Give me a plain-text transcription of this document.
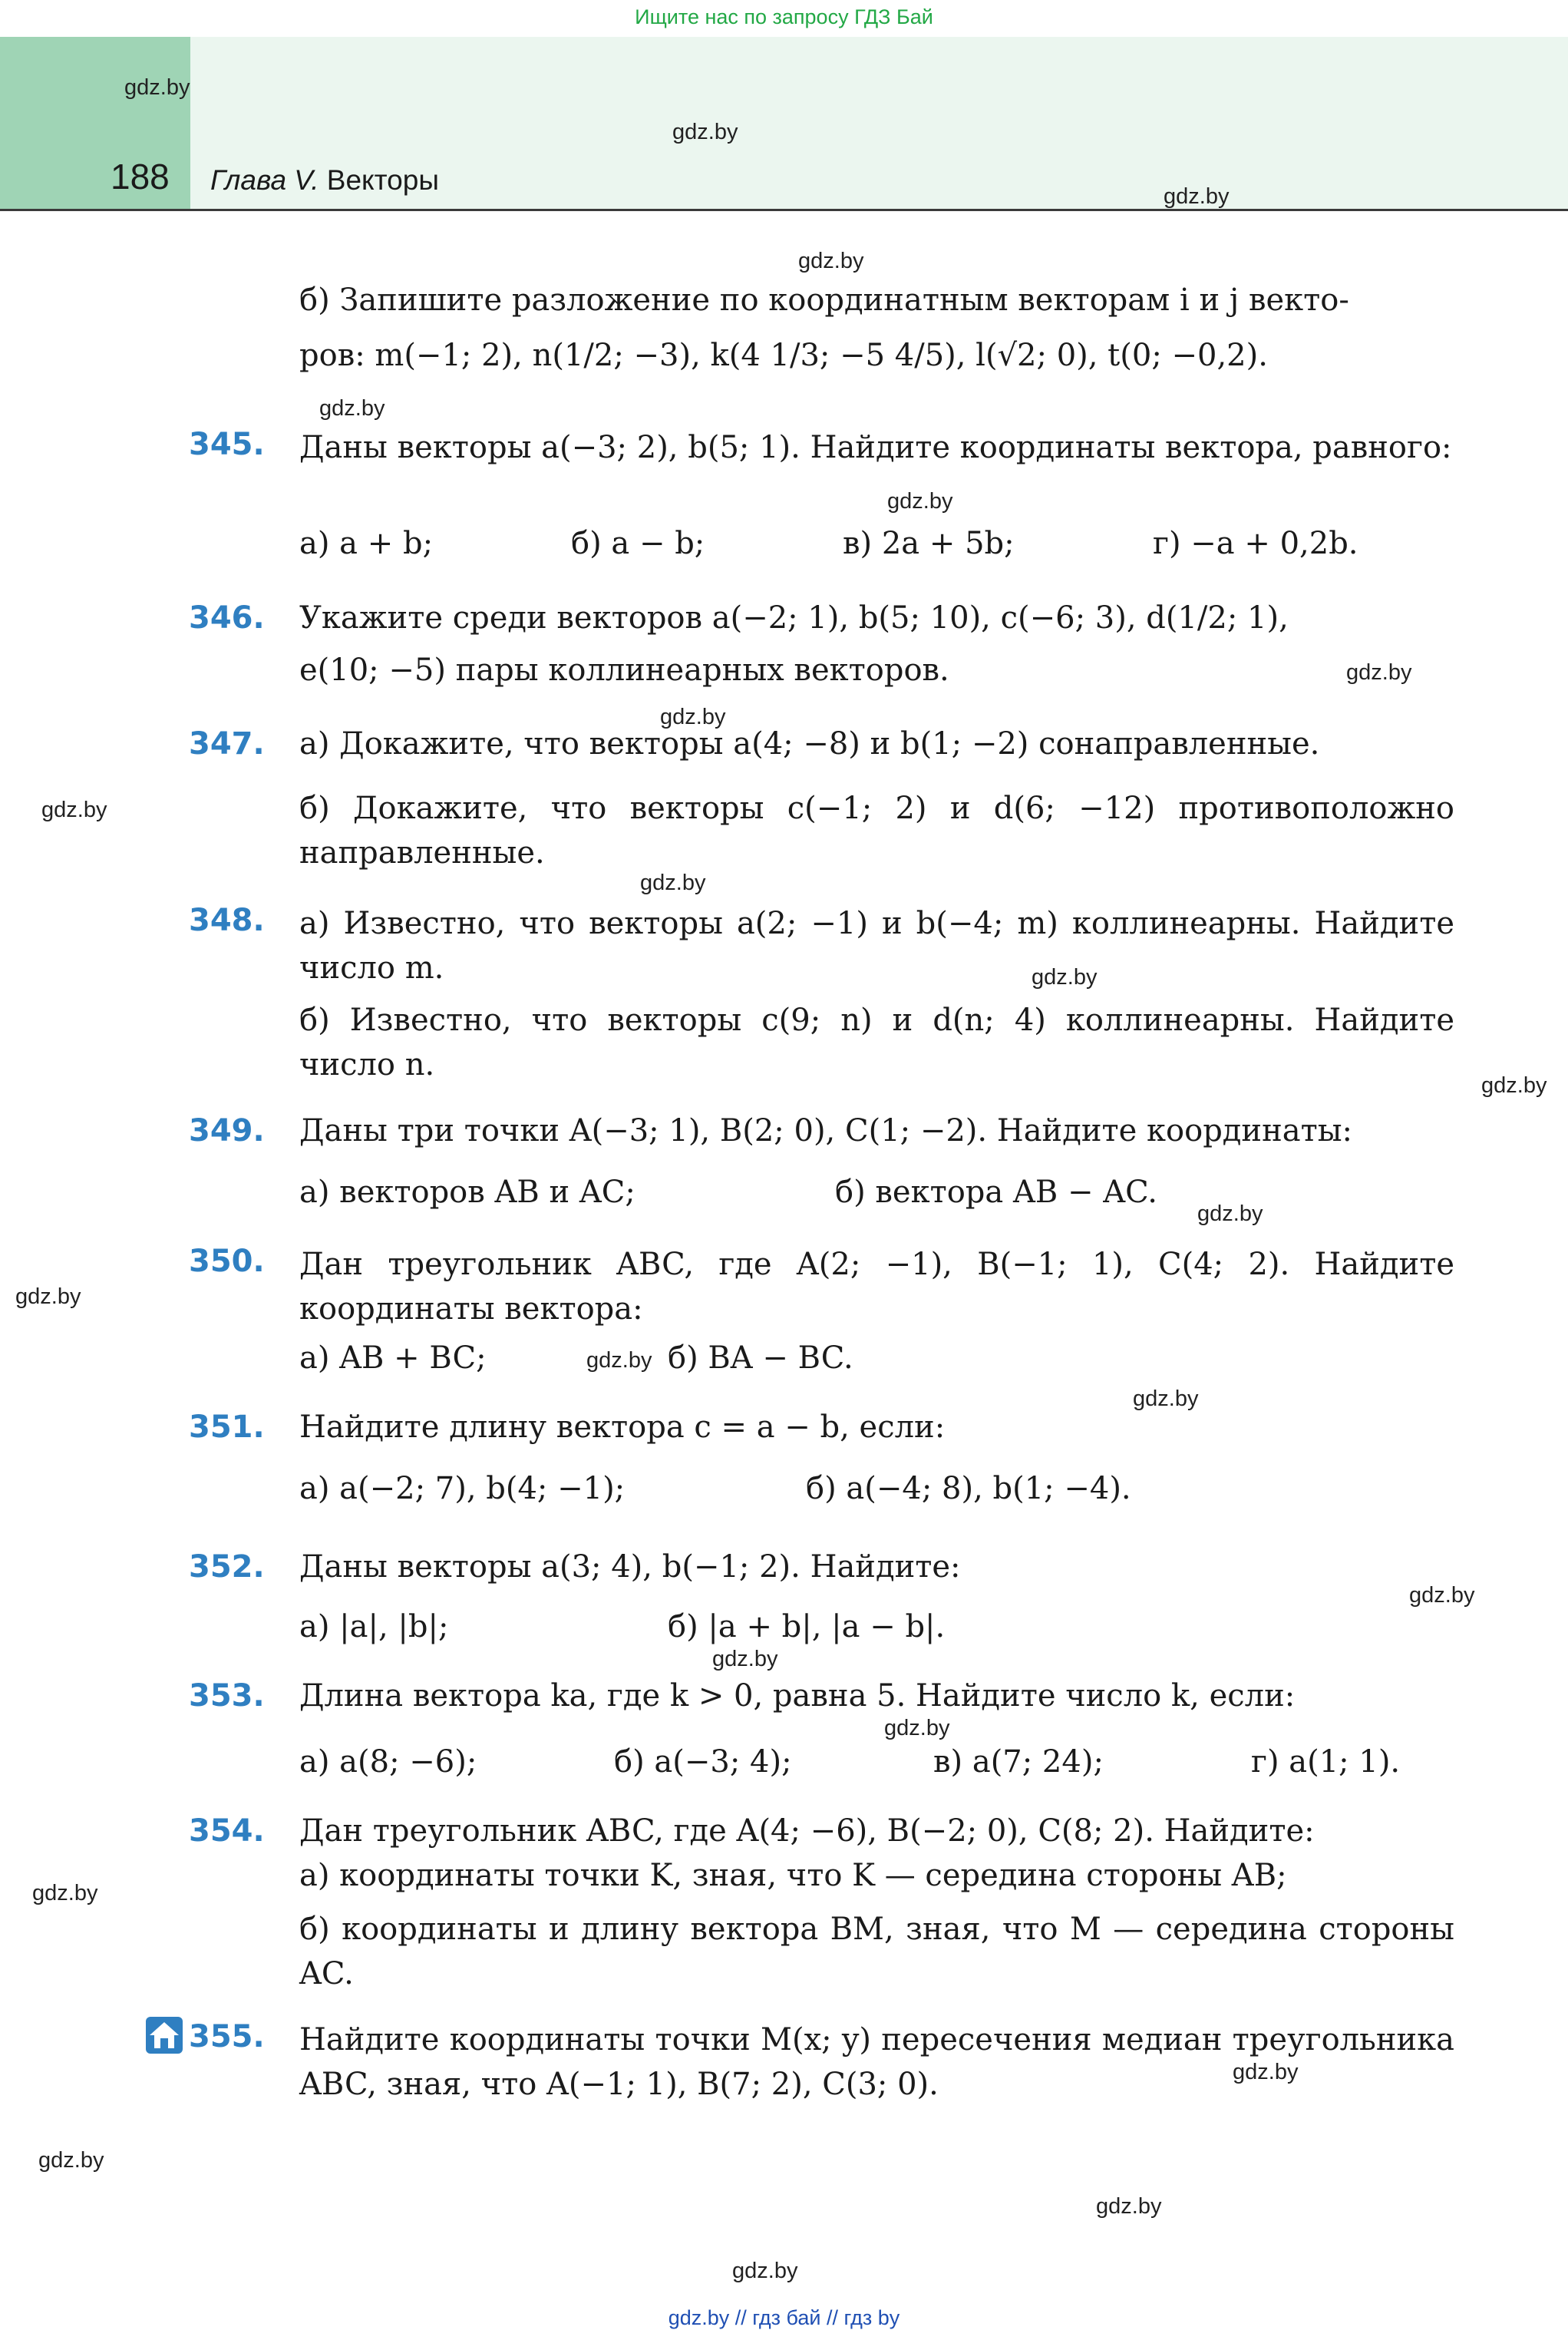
Ищите нас по запросу ГДЗ Бай
188 Глава V. Векторы
gdz.by
gdz.by
gdz.by
gdz.by
gdz.by
gdz.by
gdz.by
gdz.by
gdz.by
gdz.by
gdz.by
gdz.by
gdz.by
gdz.by
gdz.by
gdz.by
gdz.by
gdz.by
gdz.by
gdz.by
gdz.by
gdz.by
gdz.by
gdz.by
б) Запишите разложение по координатным векторам i и j векто-
ров: m(−1; 2), n(1/2; −3), k(4 1/3; −5 4/5), l(√2; 0), t(0; −0,2).
345. Даны векторы a(−3; 2), b(5; 1). Найдите координаты вектора, равного:
а) a + b;	б) a − b;	в) 2a + 5b;	г) −a + 0,2b.
346. Укажите среди векторов a(−2; 1), b(5; 10), c(−6; 3), d(1/2; 1),
e(10; −5) пары коллинеарных векторов.
347. а) Докажите, что векторы a(4; −8) и b(1; −2) сонаправленные.
б) Докажите, что векторы c(−1; 2) и d(6; −12) противоположно направленные.
348. а) Известно, что векторы a(2; −1) и b(−4; m) коллинеарны. Найдите число m.
б) Известно, что векторы c(9; n) и d(n; 4) коллинеарны. Найдите число n.
349. Даны три точки A(−3; 1), B(2; 0), C(1; −2). Найдите координаты:
а) векторов AB и AC;	б) вектора AB − AC.
350. Дан треугольник ABC, где A(2; −1), B(−1; 1), C(4; 2). Найдите координаты вектора:
а) AB + BC;	б) BA − BC.
351. Найдите длину вектора c = a − b, если:
а) a(−2; 7), b(4; −1);	б) a(−4; 8), b(1; −4).
352. Даны векторы a(3; 4), b(−1; 2). Найдите:
а) |a|, |b|;	б) |a + b|, |a − b|.
353. Длина вектора ka, где k > 0, равна 5. Найдите число k, если:
а) a(8; −6);	б) a(−3; 4);	в) a(7; 24);	г) a(1; 1).
354. Дан треугольник ABC, где A(4; −6), B(−2; 0), C(8; 2). Найдите:
а) координаты точки K, зная, что K — середина стороны AB;
б) координаты и длину вектора BM, зная, что M — середина стороны AC.
355. Найдите координаты точки M(x; y) пересечения медиан треугольника ABC, зная, что A(−1; 1), B(7; 2), C(3; 0).
gdz.by // гдз бай // гдз by
